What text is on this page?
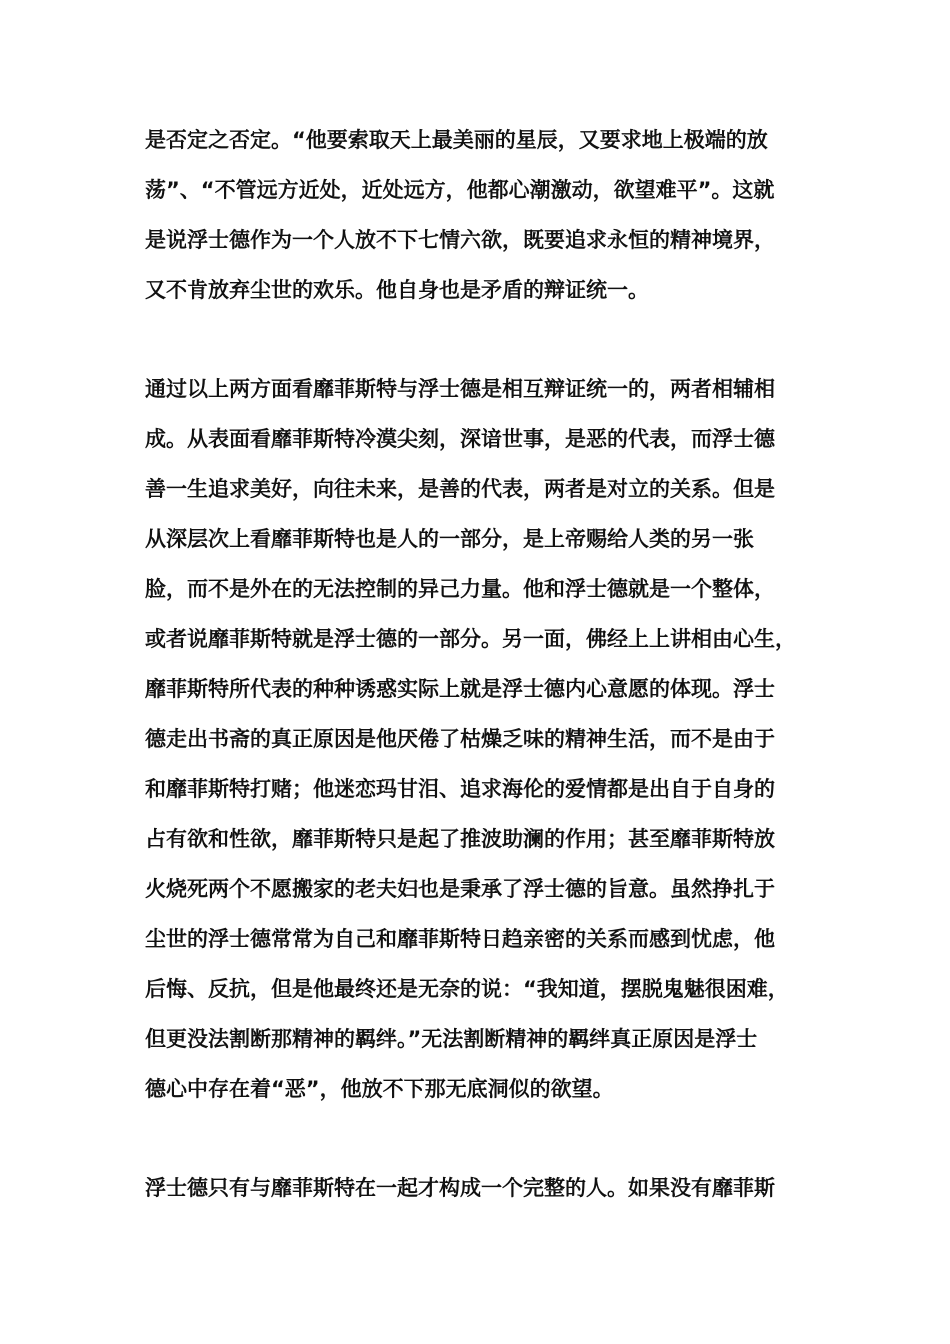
是否定之否定。“他要索取天上最美丽的星辰，又要求地上极端的放
荡”、“不管远方近处，近处远方，他都心潮激动，欲望难平”。这就
是说浮士德作为一个人放不下七情六欲，既要追求永恒的精神境界，
又不肯放弃尘世的欢乐。他自身也是矛盾的辩证统一。
通过以上两方面看靡菲斯特与浮士德是相互辩证统一的，两者相辅相
成。从表面看靡菲斯特冷漠尖刻，深谙世事，是恶的代表，而浮士德
善一生追求美好，向往未来，是善的代表，两者是对立的关系。但是
从深层次上看靡菲斯特也是人的一部分，是上帝赐给人类的另一张
脸，而不是外在的无法控制的异己力量。他和浮士德就是一个整体，
或者说靡菲斯特就是浮士德的一部分。另一面，佛经上上讲相由心生，
靡菲斯特所代表的种种诱惑实际上就是浮士德内心意愿的体现。浮士
德走出书斋的真正原因是他厌倦了枯燥乏味的精神生活，而不是由于
和靡菲斯特打赌；他迷恋玛甘泪、追求海伦的爱情都是出自于自身的
占有欲和性欲，靡菲斯特只是起了推波助澜的作用；甚至靡菲斯特放
火烧死两个不愿搬家的老夫妇也是秉承了浮士德的旨意。虽然挣扎于
尘世的浮士德常常为自己和靡菲斯特日趋亲密的关系而感到忧虑，他
后悔、反抗，但是他最终还是无奈的说：“我知道，摆脱鬼魅很困难，
但更没法割断那精神的羁绊。”无法割断精神的羁绊真正原因是浮士
德心中存在着“恶”，他放不下那无底洞似的欲望。
浮士德只有与靡菲斯特在一起才构成一个完整的人。如果没有靡菲斯
